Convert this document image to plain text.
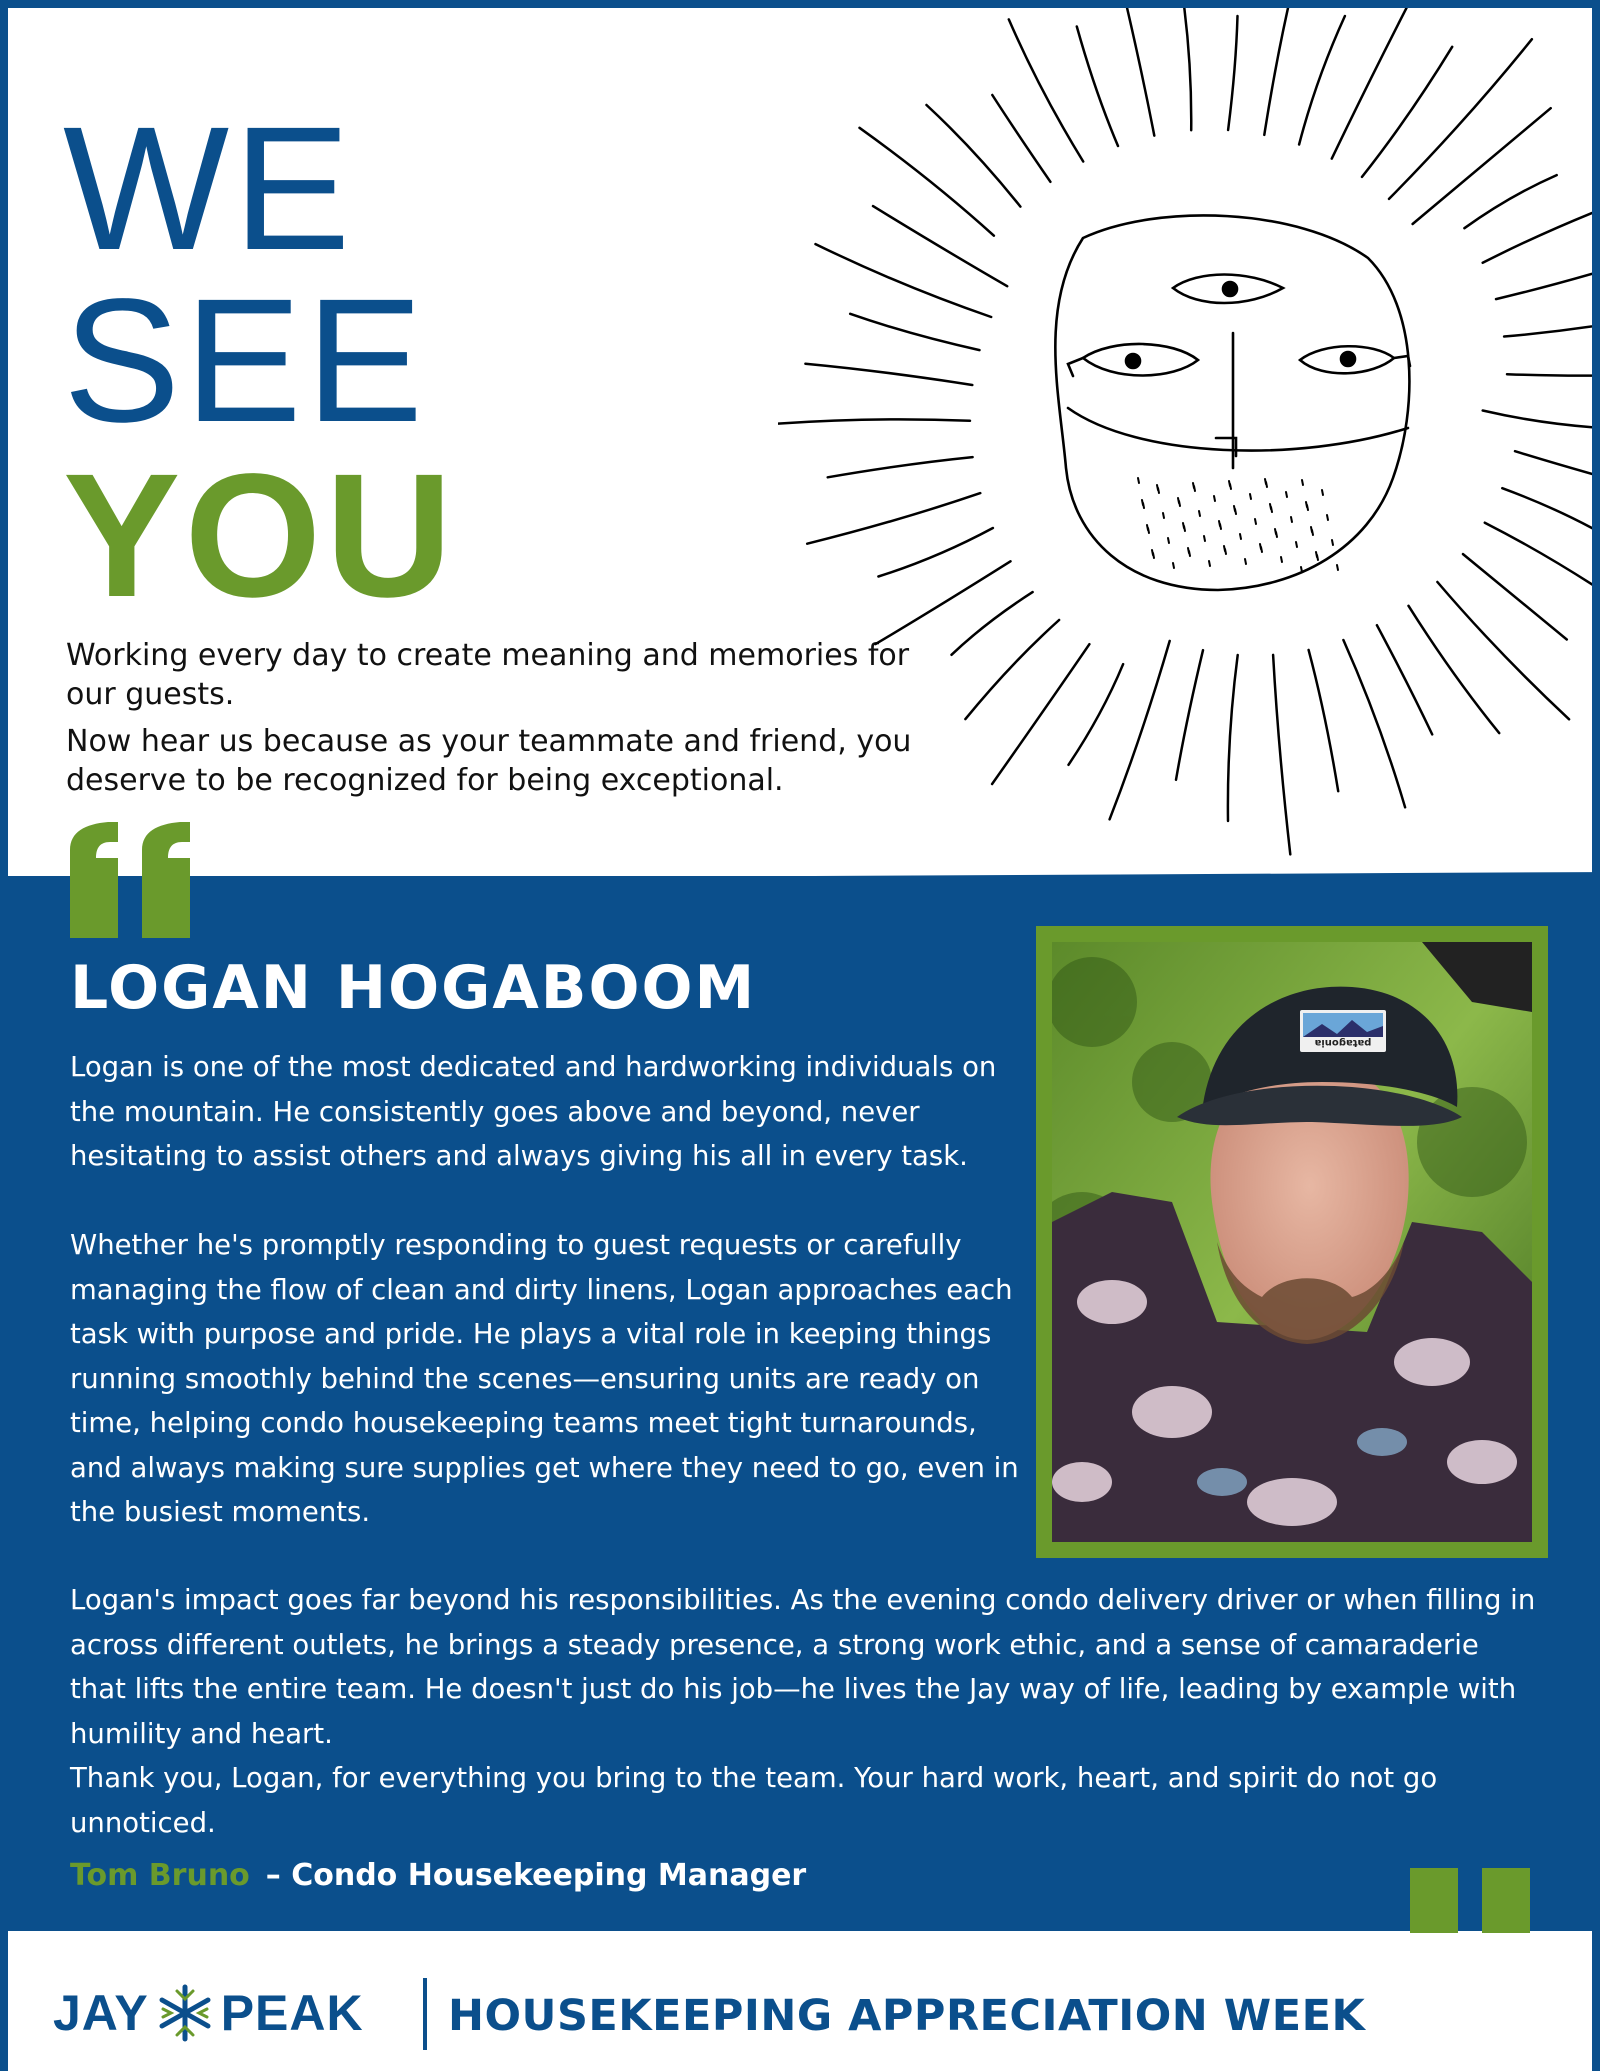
WE
SEE
YOU

Working every day to create meaning and memories for our guests.

Now hear us because as your teammate and friend, you deserve to be recognized for being exceptional.

LOGAN HOGABOOM

Logan is one of the most dedicated and hardworking individuals on the mountain. He consistently goes above and beyond, never hesitating to assist others and always giving his all in every task.

Whether he's promptly responding to guest requests or carefully managing the flow of clean and dirty linens, Logan approaches each task with purpose and pride. He plays a vital role in keeping things running smoothly behind the scenes—ensuring units are ready on time, helping condo housekeeping teams meet tight turnarounds, and always making sure supplies get where they need to go, even in the busiest moments.

Logan's impact goes far beyond his responsibilities. As the evening condo delivery driver or when filling in across different outlets, he brings a steady presence, a strong work ethic, and a sense of camaraderie that lifts the entire team. He doesn't just do his job—he lives the Jay way of life, leading by example with humility and heart.

Thank you, Logan, for everything you bring to the team. Your hard work, heart, and spirit do not go unnoticed.

Tom Bruno – Condo Housekeeping Manager
patagonia
JAY PEAK HOUSEKEEPING APPRECIATION WEEK
